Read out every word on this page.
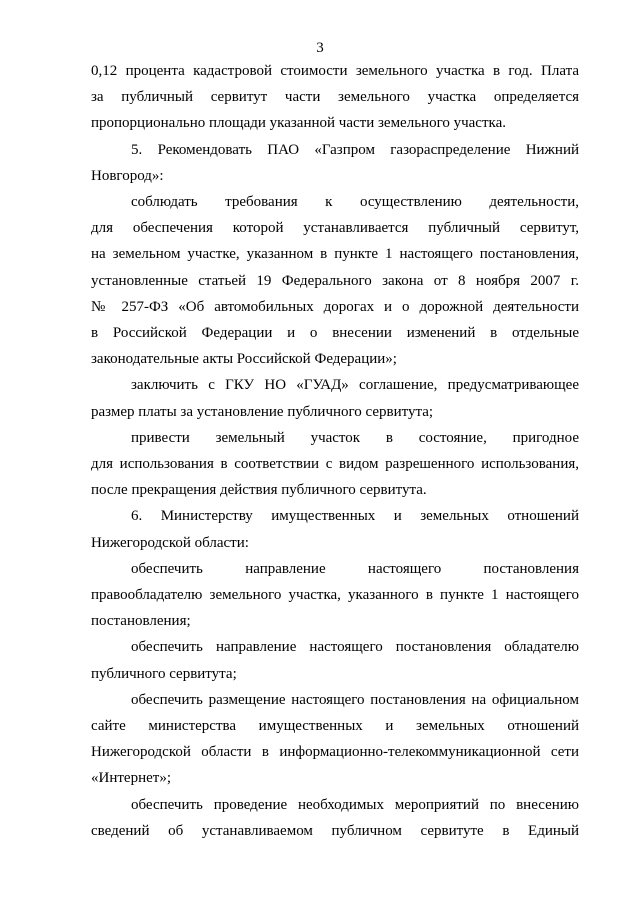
3

0,12 процента кадастровой стоимости земельного участка в год. Плата
за публичный сервитут части земельного участка определяется
пропорционально площади указанной части земельного участка.

5. Рекомендовать ПАО «Газпром газораспределение Нижний
Новгород»:

соблюдать требования к осуществлению деятельности,
для обеспечения которой устанавливается публичный сервитут,
на земельном участке, указанном в пункте 1 настоящего постановления,
установленные статьей 19 Федерального закона от 8 ноября 2007 г.
№ 257-ФЗ «Об автомобильных дорогах и о дорожной деятельности
в Российской Федерации и о внесении изменений в отдельные
законодательные акты Российской Федерации»;

заключить с ГКУ НО «ГУАД» соглашение, предусматривающее
размер платы за установление публичного сервитута;

привести земельный участок в состояние, пригодное
для использования в соответствии с видом разрешенного использования,
после прекращения действия публичного сервитута.

6. Министерству имущественных и земельных отношений
Нижегородской области:

обеспечить направление настоящего постановления
правообладателю земельного участка, указанного в пункте 1 настоящего
постановления;

обеспечить направление настоящего постановления обладателю
публичного сервитута;

обеспечить размещение настоящего постановления на официальном
сайте министерства имущественных и земельных отношений
Нижегородской области в информационно-телекоммуникационной сети
«Интернет»;

обеспечить проведение необходимых мероприятий по внесению
сведений об устанавливаемом публичном сервитуте в Единый
